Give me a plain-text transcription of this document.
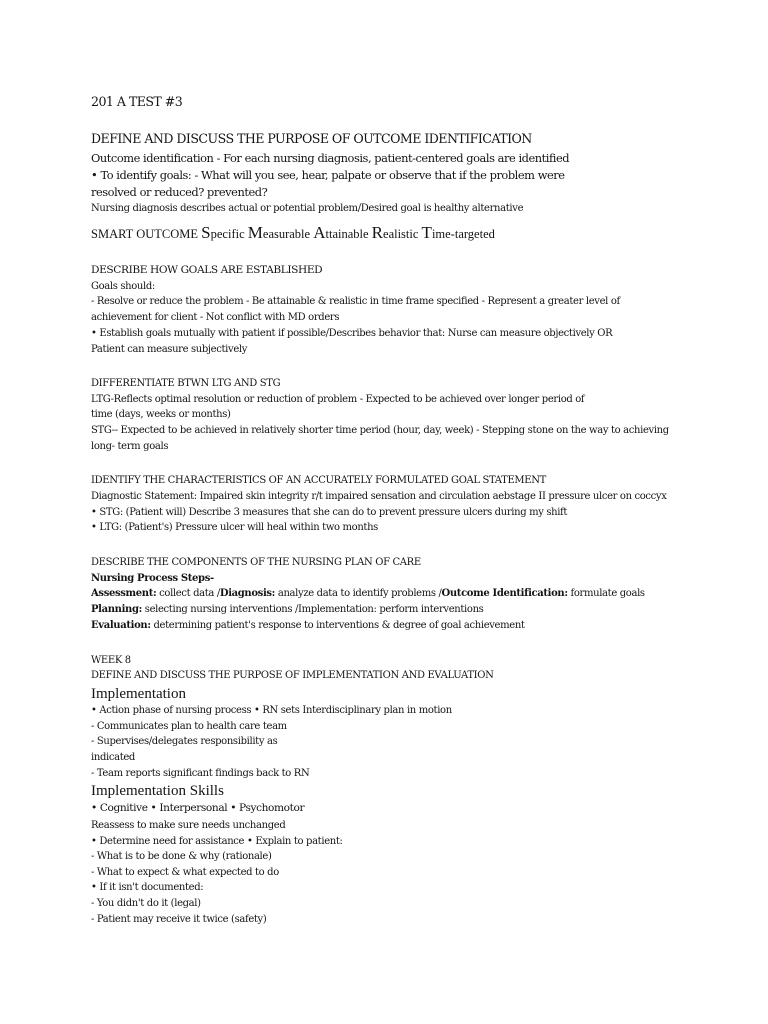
201 A TEST #3
DEFINE AND DISCUSS THE PURPOSE OF OUTCOME IDENTIFICATION
Outcome identification - For each nursing diagnosis, patient-centered goals are identified
• To identify goals: - What will you see, hear, palpate or observe that if the problem were
resolved or reduced? prevented?
Nursing diagnosis describes actual or potential problem/Desired goal is healthy alternative
SMART OUTCOME Specific Measurable Attainable Realistic Time-targeted
DESCRIBE HOW GOALS ARE ESTABLISHED
Goals should:
- Resolve or reduce the problem - Be attainable & realistic in time frame specified - Represent a greater level of
achievement for client - Not conflict with MD orders
• Establish goals mutually with patient if possible/Describes behavior that: Nurse can measure objectively OR
Patient can measure subjectively
DIFFERENTIATE BTWN LTG AND STG
LTG-Reflects optimal resolution or reduction of problem - Expected to be achieved over longer period of
time (days, weeks or months)
STG-- Expected to be achieved in relatively shorter time period (hour, day, week) - Stepping stone on the way to achieving
long- term goals
IDENTIFY THE CHARACTERISTICS OF AN ACCURATELY FORMULATED GOAL STATEMENT
Diagnostic Statement: Impaired skin integrity r/t impaired sensation and circulation aebstage II pressure ulcer on coccyx
• STG: (Patient will) Describe 3 measures that she can do to prevent pressure ulcers during my shift
• LTG: (Patient's) Pressure ulcer will heal within two months
DESCRIBE THE COMPONENTS OF THE NURSING PLAN OF CARE
Nursing Process Steps-
Assessment: collect data /Diagnosis: analyze data to identify problems /Outcome Identification: formulate goals
Planning: selecting nursing interventions /Implementation: perform interventions
Evaluation: determining patient's response to interventions & degree of goal achievement
WEEK 8
DEFINE AND DISCUSS THE PURPOSE OF IMPLEMENTATION AND EVALUATION
Implementation
• Action phase of nursing process • RN sets Interdisciplinary plan in motion
- Communicates plan to health care team
- Supervises/delegates responsibility as
indicated
- Team reports significant findings back to RN
Implementation Skills
• Cognitive • Interpersonal • Psychomotor
Reassess to make sure needs unchanged
• Determine need for assistance • Explain to patient:
- What is to be done & why (rationale)
- What to expect & what expected to do
• If it isn't documented:
- You didn't do it (legal)
- Patient may receive it twice (safety)
